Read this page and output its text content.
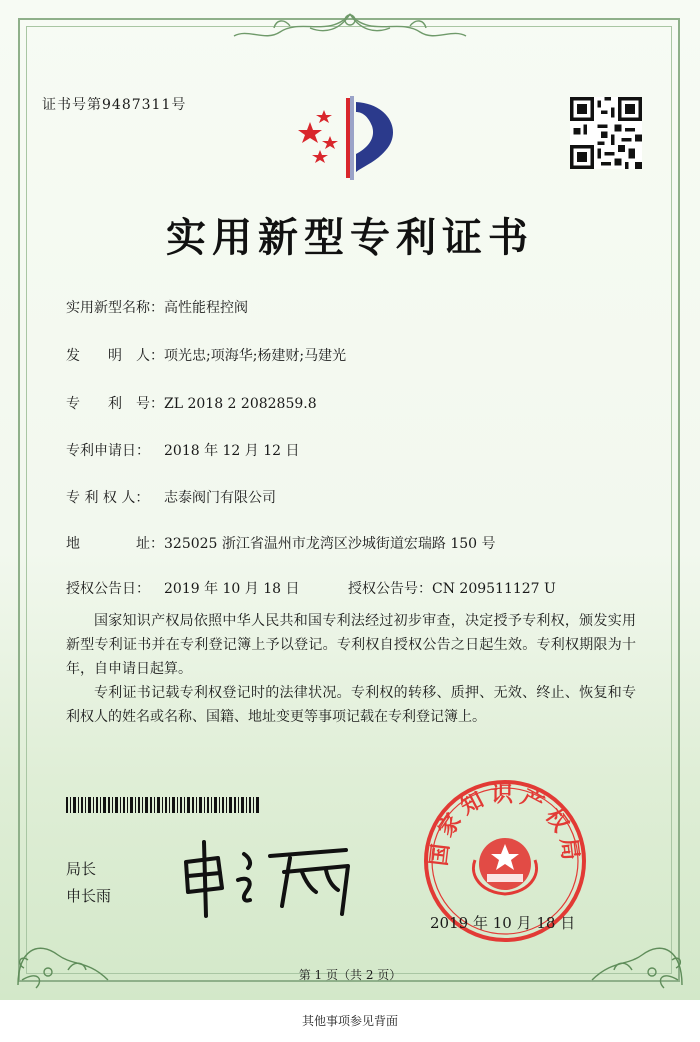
证书号第9487311号
实用新型专利证书
实用新型名称：高性能程控阀
发　　明　人：项光忠;项海华;杨建财;马建光
专　　利　号：ZL 2018 2 2082859.8
专利申请日： 2018 年 12 月 12 日
专 利 权 人： 志泰阀门有限公司
地　　　　址：325025 浙江省温州市龙湾区沙城街道宏瑞路 150 号
授权公告日： 2019 年 10 月 18 日	授权公告号：CN 209511127 U

国家知识产权局依照中华人民共和国专利法经过初步审查，决定授予专利权，颁发实用新型专利证书并在专利登记簿上予以登记。专利权自授权公告之日起生效。专利权期限为十年，自申请日起算。

专利证书记载专利权登记时的法律状况。专利权的转移、质押、无效、终止、恢复和专利权人的姓名或名称、国籍、地址变更等事项记载在专利登记簿上。

局长
申长雨
国家知识产权局
2019 年 10 月 18 日
第 1 页（共 2 页）
其他事项参见背面
